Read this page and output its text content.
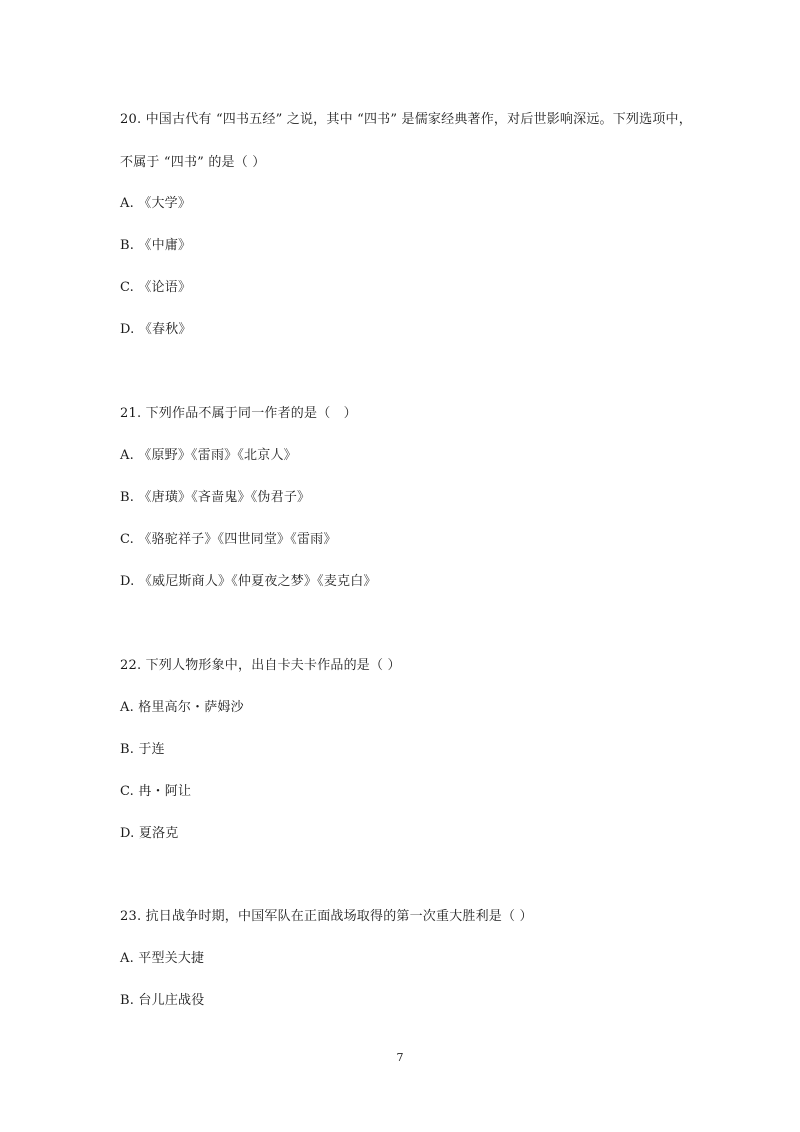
20. 中国古代有 “四书五经” 之说，其中 “四书” 是儒家经典著作，对后世影响深远。下列选项中，
不属于 “四书” 的是（ ）
A. 《大学》
B. 《中庸》
C. 《论语》
D. 《春秋》
21. 下列作品不属于同一作者的是（　）
A. 《原野》《雷雨》《北京人》
B. 《唐璜》《吝啬鬼》《伪君子》
C. 《骆驼祥子》《四世同堂》《雷雨》
D. 《威尼斯商人》《仲夏夜之梦》《麦克白》
22. 下列人物形象中，出自卡夫卡作品的是（ ）
A. 格里高尔・萨姆沙
B. 于连
C. 冉・阿让
D. 夏洛克
23. 抗日战争时期，中国军队在正面战场取得的第一次重大胜利是（ ）
A. 平型关大捷
B. 台儿庄战役
7
